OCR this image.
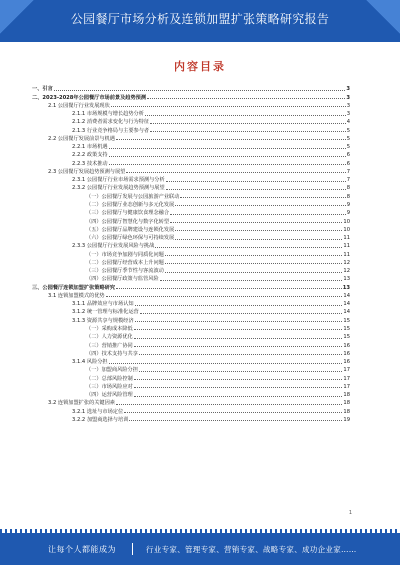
公园餐厅市场分析及连锁加盟扩张策略研究报告
内容目录
一、引言	3
二、2023-2028年公园餐厅市场前景及趋势预测	3
2.1 公园餐厅行业发展现状	3
2.1.1 市场规模与增长趋势分析	3
2.1.2 消费者需求变化与行为特征	4
2.1.3 行业竞争格局与主要参与者	5
2.2 公园餐厅发展前景与机遇	5
2.2.1 市场机遇	5
2.2.2 政策支持	6
2.2.3 技术推动	6
2.3 公园餐厅发展趋势预测与展望	7
2.3.1 公园餐厅行业市场需求预测与分析	7
2.3.2 公园餐厅行业发展趋势预测与展望	8
（一）公园餐厅发展与公园旅游产业联动	8
（二）公园餐厅业态创新与多元化发展	9
（三）公园餐厅与健康饮食理念融合	9
（四）公园餐厅智慧化与数字化转型	10
（五）公园餐厅品牌建设与连锁化发展	10
（六）公园餐厅绿色环保与可持续发展	11
2.3.3 公园餐厅行业发展风险与挑战	11
（一）市场竞争加剧与同质化问题	11
（二）公园餐厅经营成本上升问题	12
（三）公园餐厅季节性与客流波动	12
（四）公园餐厅政策与监管风险	13
三、公园餐厅连锁加盟扩张策略研究	13
3.1 连锁加盟模式的优势	14
3.1.1 品牌效应与市场认知	14
3.1.2 统一管理与标准化运营	14
3.1.3 资源共享与规模经济	15
（一）采购成本降低	15
（二）人力资源优化	15
（三）营销推广协同	16
（四）技术支持与共享	16
3.1.4 风险分担	16
（一）加盟商风险分担	17
（二）总部风险控制	17
（三）市场风险应对	17
（四）运营风险管理	18
3.2 连锁加盟扩张的关键因素	18
3.2.1 选址与市场定位	18
3.2.2 加盟商选择与培训	19
1
让每个人都能成为	行业专家、管理专家、营销专家、战略专家、成功企业家……
